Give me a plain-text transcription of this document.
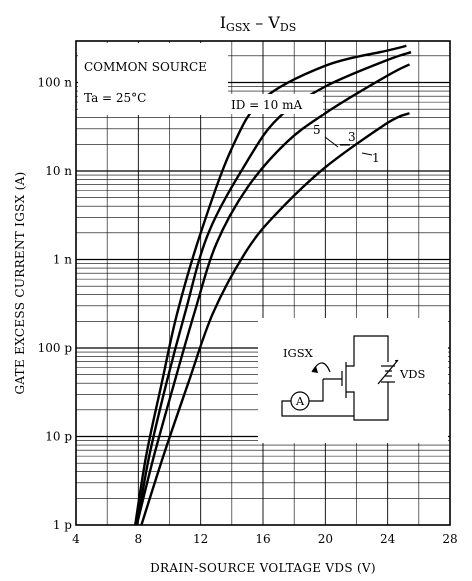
IGSX – VDS
4	8	12	16	20	24	28
1 p
10 p
100 p
1 n
10 n
100 n
COMMON SOURCE
Ta = 25°C	ID = 10 mA
5 3
1
IGSX
VDS
A
DRAIN-SOURCE VOLTAGE VDS (V)
GATE EXCESS CURRENT IGSX (A)
